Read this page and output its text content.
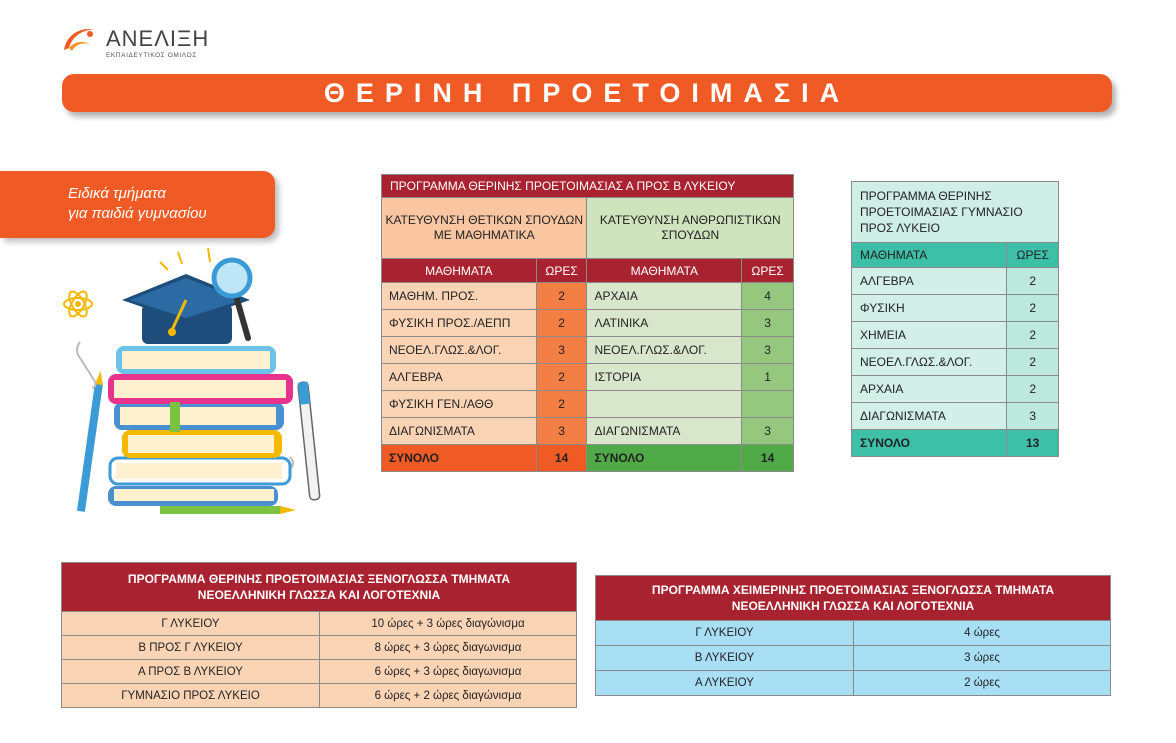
ΑΝΕΛΙΞΗ
ΕΚΠΑΙΔΕΥΤΙΚΟΣ ΟΜΙΛΟΣ
ΘΕΡΙΝΗ ΠΡΟΕΤΟΙΜΑΣΙΑ
Ειδικά τμήματα
για παιδιά γυμνασίου
ΠΡΟΓΡΑΜΜΑ ΘΕΡΙΝΗΣ ΠΡΟΕΤΟΙΜΑΣΙΑΣ Α ΠΡΟΣ Β ΛΥΚΕΙΟΥ			
ΚΑΤΕΥΘΥΝΣΗ ΘΕΤΙΚΩΝ ΣΠΟΥΔΩΝ ΜΕ ΜΑΘΗΜΑΤΙΚΑ		ΚΑΤΕΥΘΥΝΣΗ ΑΝΘΡΩΠΙΣΤΙΚΩΝ ΣΠΟΥΔΩΝ	
ΜΑΘΗΜΑΤΑ	ΩΡΕΣ	ΜΑΘΗΜΑΤΑ	ΩΡΕΣ
ΜΑΘΗΜ. ΠΡΟΣ.	2	ΑΡΧΑΙΑ	4
ΦΥΣΙΚΗ ΠΡΟΣ./ΑΕΠΠ	2	ΛΑΤΙΝΙΚΑ	3
ΝΕΟΕΛ.ΓΛΩΣ.&ΛΟΓ.	3	ΝΕΟΕΛ.ΓΛΩΣ.&ΛΟΓ.	3
ΑΛΓΕΒΡΑ	2	ΙΣΤΟΡΙΑ	1
ΦΥΣΙΚΗ ΓΕΝ./ΑΘΘ	2		
ΔΙΑΓΩΝΙΣΜΑΤΑ	3	ΔΙΑΓΩΝΙΣΜΑΤΑ	3
ΣΥΝΟΛΟ	14	ΣΥΝΟΛΟ	14
ΠΡΟΓΡΑΜΜΑ ΘΕΡΙΝΗΣ ΠΡΟΕΤΟΙΜΑΣΙΑΣ ΓΥΜΝΑΣΙΟ ΠΡΟΣ ΛΥΚΕΙΟ	
ΜΑΘΗΜΑΤΑ	ΩΡΕΣ
ΑΛΓΕΒΡΑ	2
ΦΥΣΙΚΗ	2
ΧΗΜΕΙΑ	2
ΝΕΟΕΛ.ΓΛΩΣ.&ΛΟΓ.	2
ΑΡΧΑΙΑ	2
ΔΙΑΓΩΝΙΣΜΑΤΑ	3
ΣΥΝΟΛΟ	13
ΠΡΟΓΡΑΜΜΑ ΘΕΡΙΝΗΣ ΠΡΟΕΤΟΙΜΑΣΙΑΣ ΞΕΝΟΓΛΩΣΣΑ ΤΜΗΜΑΤΑ
ΝΕΟΕΛΛΗΝΙΚΗ ΓΛΩΣΣΑ ΚΑΙ ΛΟΓΟΤΕΧΝΙΑ	

Γ ΛΥΚΕΙΟΥ	10 ώρες + 3 ώρες διαγώνισμα
Β ΠΡΟΣ Γ ΛΥΚΕΙΟΥ	8 ώρες + 3 ώρες διαγωνισμα
Α ΠΡΟΣ Β ΛΥΚΕΙΟΥ	6 ώρες + 3 ώρες διαγωνισμα
ΓΥΜΝΑΣΙΟ ΠΡΟΣ ΛΥΚΕΙΟ	6 ώρες + 2 ώρες διαγώνισμα
ΠΡΟΓΡΑΜΜΑ ΧΕΙΜΕΡΙΝΗΣ ΠΡΟΕΤΟΙΜΑΣΙΑΣ ΞΕΝΟΓΛΩΣΣΑ ΤΜΗΜΑΤΑ
ΝΕΟΕΛΛΗΝΙΚΗ ΓΛΩΣΣΑ ΚΑΙ ΛΟΓΟΤΕΧΝΙΑ	

Γ ΛΥΚΕΙΟΥ	4 ώρες
Β ΛΥΚΕΙΟΥ	3 ώρες
Α ΛΥΚΕΙΟΥ	2 ώρες
